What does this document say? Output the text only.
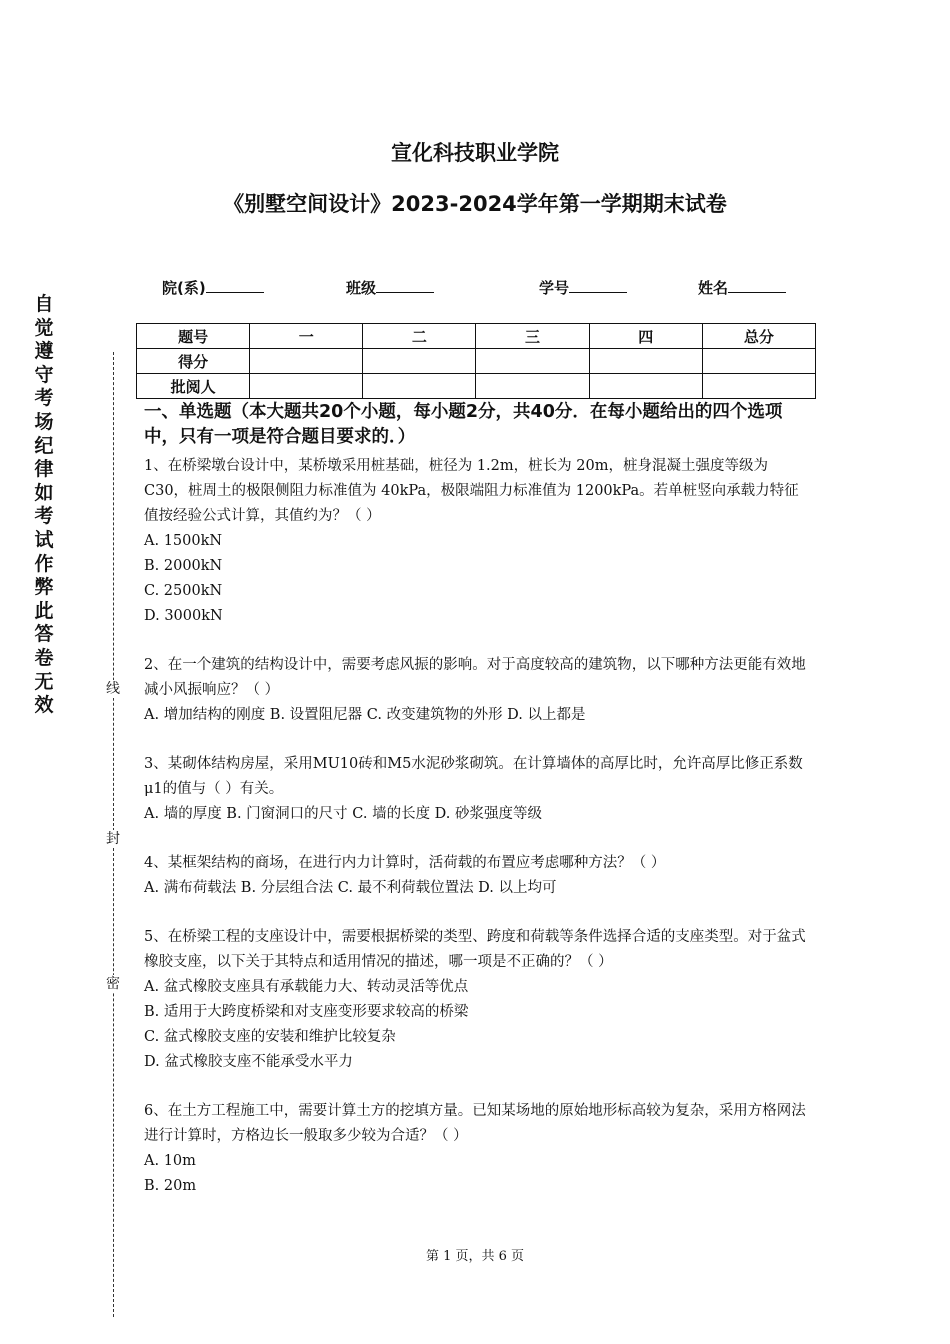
宣化科技职业学院
《别墅空间设计》2023-2024学年第一学期期末试卷
院(系)	班级	学号	姓名
题号	一	二	三	四	总分
得分					
批阅人					
自
觉
遵
守
考
场
纪
律
如
考
试
作
弊
此
答
卷
无
效
线
封
密

一、单选题（本大题共20个小题，每小题2分，共40分．在每小题给出的四个选项中，只有一项是符合题目要求的．）

1、在桥梁墩台设计中，某桥墩采用桩基础，桩径为 1.2m，桩长为 20m，桩身混凝土强度等级为 C30，桩周土的极限侧阻力标准值为 40kPa，极限端阻力标准值为 1200kPa。若单桩竖向承载力特征值按经验公式计算，其值约为？（ ）

A. 1500kN

B. 2000kN

C. 2500kN

D. 3000kN

2、在一个建筑的结构设计中，需要考虑风振的影响。对于高度较高的建筑物，以下哪种方法更能有效地减小风振响应？（ ）

A. 增加结构的刚度 B. 设置阻尼器 C. 改变建筑物的外形 D. 以上都是

3、某砌体结构房屋，采用MU10砖和M5水泥砂浆砌筑。在计算墙体的高厚比时，允许高厚比修正系数μ1的值与（ ）有关。

A. 墙的厚度 B. 门窗洞口的尺寸 C. 墙的长度 D. 砂浆强度等级

4、某框架结构的商场，在进行内力计算时，活荷载的布置应考虑哪种方法？（ ）

A. 满布荷载法 B. 分层组合法 C. 最不利荷载位置法 D. 以上均可

5、在桥梁工程的支座设计中，需要根据桥梁的类型、跨度和荷载等条件选择合适的支座类型。对于盆式橡胶支座，以下关于其特点和适用情况的描述，哪一项是不正确的？（ ）

A. 盆式橡胶支座具有承载能力大、转动灵活等优点

B. 适用于大跨度桥梁和对支座变形要求较高的桥梁

C. 盆式橡胶支座的安装和维护比较复杂

D. 盆式橡胶支座不能承受水平力

6、在土方工程施工中，需要计算土方的挖填方量。已知某场地的原始地形标高较为复杂，采用方格网法进行计算时，方格边长一般取多少较为合适？（ ）

A. 10m

B. 20m

第 1 页，共 6 页
